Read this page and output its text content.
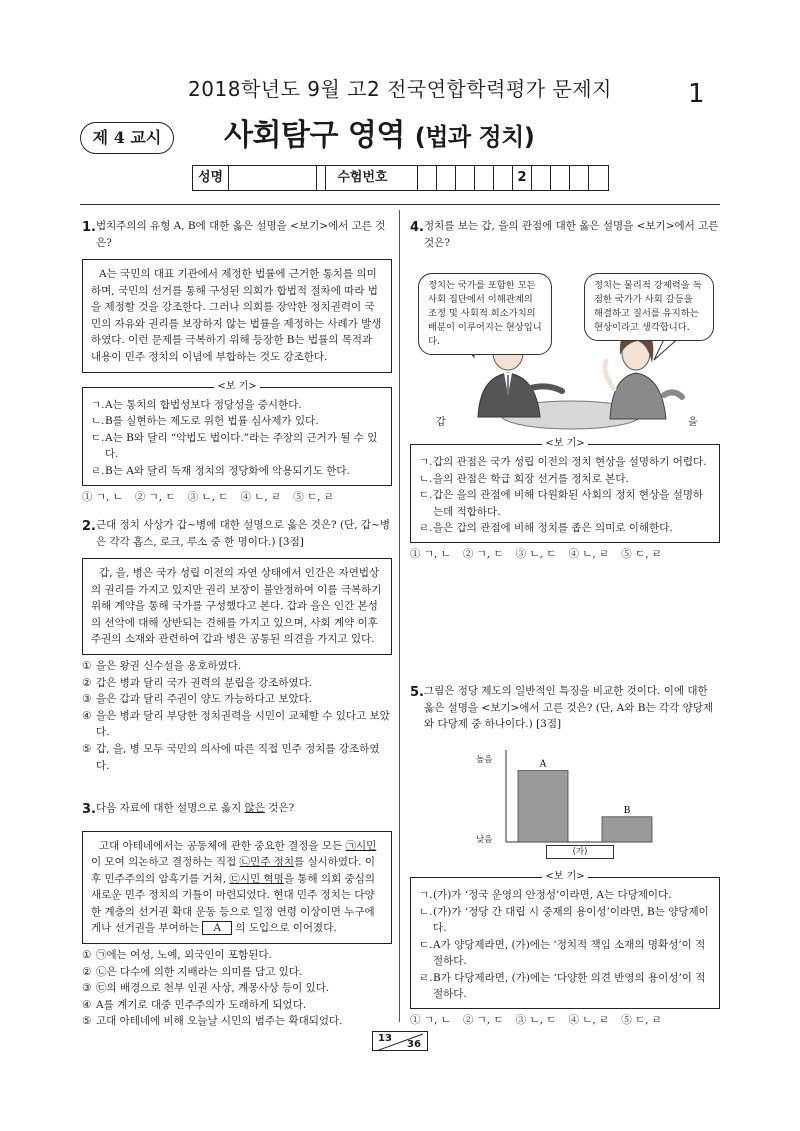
2018학년도 9월 고2 전국연합학력평가 문제지	1
제 4 교시	사회탐구 영역 (법과 정치)
성명	수험번호	2
1. 법치주의의 유형 A, B에 대한 옳은 설명을 <보기>에서 고른 것은?
A는 국민의 대표 기관에서 제정한 법률에 근거한 통치를 의미하며, 국민의 선거를 통해 구성된 의회가 합법적 절차에 따라 법을 제정할 것을 강조한다. 그러나 의회를 장악한 정치권력이 국민의 자유와 권리를 보장하지 않는 법률을 제정하는 사례가 발생하였다. 이런 문제를 극복하기 위해 등장한 B는 법률의 목적과 내용이 민주 정치의 이념에 부합하는 것도 강조한다.
<보 기>
ㄱ. A는 통치의 합법성보다 정당성을 중시한다.
ㄴ. B를 실현하는 제도로 위헌 법률 심사제가 있다.
ㄷ. A는 B와 달리 “악법도 법이다.”라는 주장의 근거가 될 수 있다.
ㄹ. B는 A와 달리 독재 정치의 정당화에 악용되기도 한다.
① ㄱ, ㄴ ② ㄱ, ㄷ ③ ㄴ, ㄷ ④ ㄴ, ㄹ ⑤ ㄷ, ㄹ
2. 근대 정치 사상가 갑~병에 대한 설명으로 옳은 것은? (단, 갑~병은 각각 홉스, 로크, 루소 중 한 명이다.) [3점]
갑, 을, 병은 국가 성립 이전의 자연 상태에서 인간은 자연법상의 권리를 가지고 있지만 권리 보장이 불안정하여 이를 극복하기 위해 계약을 통해 국가를 구성했다고 본다. 갑과 을은 인간 본성의 선악에 대해 상반되는 견해를 가지고 있으며, 사회 계약 이후 주권의 소재와 관련하여 갑과 병은 공통된 의견을 가지고 있다.
① 을은 왕권 신수설을 옹호하였다.
② 갑은 병과 달리 국가 권력의 분립을 강조하였다.
③ 을은 갑과 달리 주권이 양도 가능하다고 보았다.
④ 을은 병과 달리 부당한 정치권력을 시민이 교체할 수 있다고 보았다.
⑤ 갑, 을, 병 모두 국민의 의사에 따른 직접 민주 정치를 강조하였다.
3. 다음 자료에 대한 설명으로 옳지 않은 것은?
고대 아테네에서는 공동체에 관한 중요한 결정을 모든 ㉠시민이 모여 의논하고 결정하는 직접 ㉡민주 정치를 실시하였다. 이후 민주주의의 암흑기를 거쳐, ㉢시민 혁명을 통해 의회 중심의 새로운 민주 정치의 기틀이 마련되었다. 현대 민주 정치는 다양한 계층의 선거권 확대 운동 등으로 일정 연령 이상이면 누구에게나 선거권을 부여하는 A 의 도입으로 이어졌다.
① ㉠에는 여성, 노예, 외국인이 포함된다.
② ㉡은 다수에 의한 지배라는 의미를 담고 있다.
③ ㉢의 배경으로 천부 인권 사상, 계몽사상 등이 있다.
④ A를 계기로 대중 민주주의가 도래하게 되었다.
⑤ 고대 아테네에 비해 오늘날 시민의 범주는 확대되었다.
4. 정치를 보는 갑, 을의 관점에 대한 옳은 설명을 <보기>에서 고른 것은?
정치는 국가를 포함한 모든 사회 집단에서 이해관계의 조정 및 사회적 희소가치의 배분이 이루어지는 현상입니다.
정치는 물리적 강제력을 독점한 국가가 사회 갈등을 해결하고 질서를 유지하는 현상이라고 생각합니다.
갑	을
<보 기>
ㄱ. 갑의 관점은 국가 성립 이전의 정치 현상을 설명하기 어렵다.
ㄴ. 을의 관점은 학급 회장 선거를 정치로 본다.
ㄷ. 갑은 을의 관점에 비해 다원화된 사회의 정치 현상을 설명하는데 적합하다.
ㄹ. 을은 갑의 관점에 비해 정치를 좁은 의미로 이해한다.
① ㄱ, ㄴ ② ㄱ, ㄷ ③ ㄴ, ㄷ ④ ㄴ, ㄹ ⑤ ㄷ, ㄹ
5. 그림은 정당 제도의 일반적인 특징을 비교한 것이다. 이에 대한 옳은 설명을 <보기>에서 고른 것은? (단, A와 B는 각각 양당제와 다당제 중 하나이다.) [3점]
A
B
높음
낮음
(가)
<보 기>
ㄱ. (가)가 ‘정국 운영의 안정성’이라면, A는 다당제이다.
ㄴ. (가)가 ‘정당 간 대립 시 중재의 용이성’이라면, B는 양당제이다.
ㄷ. A가 양당제라면, (가)에는 ‘정치적 책임 소재의 명확성’이 적절하다.
ㄹ. B가 다당제라면, (가)에는 ‘다양한 의견 반영의 용이성’이 적절하다.
① ㄱ, ㄴ ② ㄱ, ㄷ ③ ㄴ, ㄷ ④ ㄴ, ㄹ ⑤ ㄷ, ㄹ
13
36
